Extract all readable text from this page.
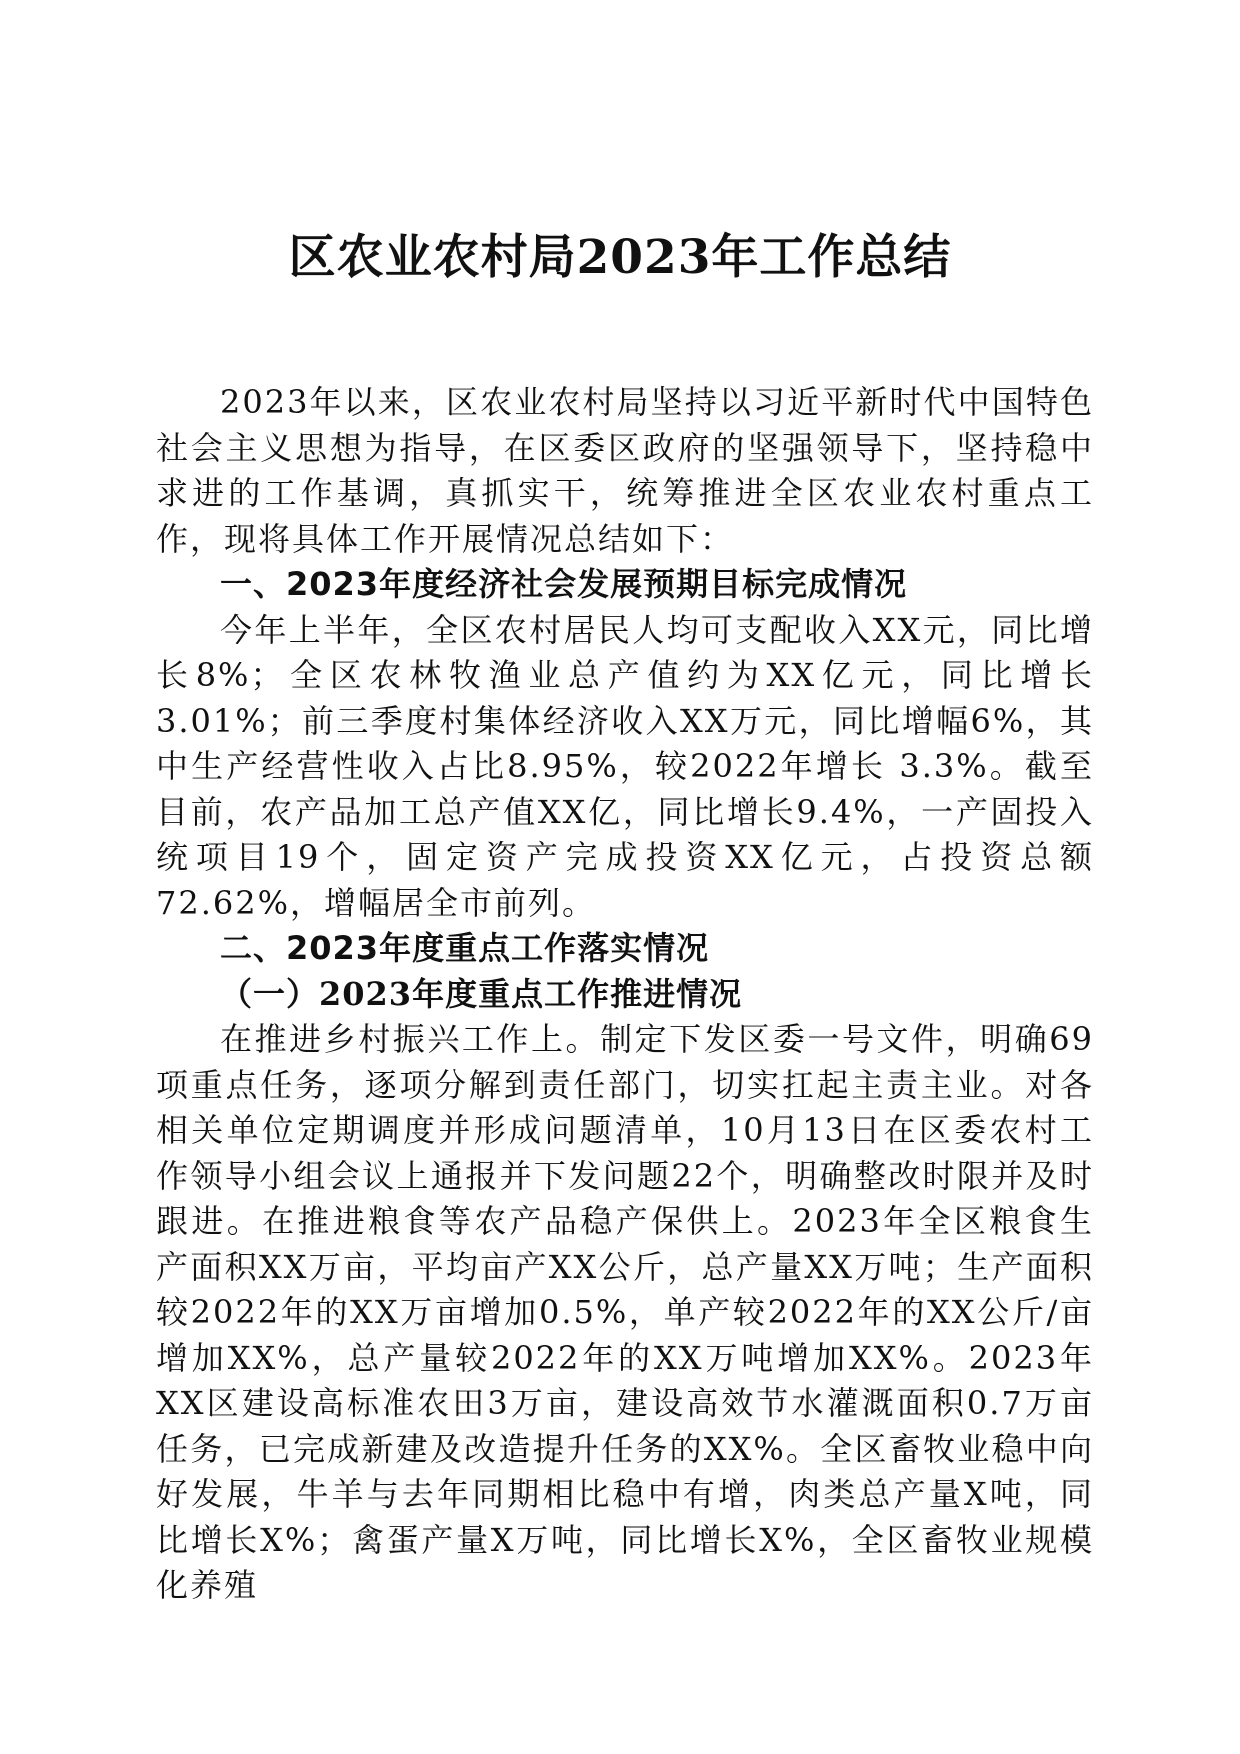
区农业农村局2023年工作总结

2023年以来，区农业农村局坚持以习近平新时代中国特色社会主义思想为指导，在区委区政府的坚强领导下，坚持稳中求进的工作基调，真抓实干，统筹推进全区农业农村重点工作，现将具体工作开展情况总结如下：

一、2023年度经济社会发展预期目标完成情况

今年上半年，全区农村居民人均可支配收入XX元，同比增长8%；全区农林牧渔业总产值约为XX亿元，同比增长3.01%；前三季度村集体经济收入XX万元，同比增幅6%，其中生产经营性收入占比8.95%，较2022年增长 3.3%。截至目前，农产品加工总产值XX亿，同比增长9.4%，一产固投入统项目19个，固定资产完成投资XX亿元，占投资总额72.62%，增幅居全市前列。

二、2023年度重点工作落实情况

（一）2023年度重点工作推进情况

在推进乡村振兴工作上。制定下发区委一号文件，明确69项重点任务，逐项分解到责任部门，切实扛起主责主业。对各相关单位定期调度并形成问题清单，10月13日在区委农村工作领导小组会议上通报并下发问题22个，明确整改时限并及时跟进。在推进粮食等农产品稳产保供上。2023年全区粮食生产面积XX万亩，平均亩产XX公斤，总产量XX万吨；生产面积较2022年的XX万亩增加0.5%，单产较2022年的XX公斤/亩增加XX%，总产量较2022年的XX万吨增加XX%。2023年XX区建设高标准农田3万亩，建设高效节水灌溉面积0.7万亩任务，已完成新建及改造提升任务的XX%。全区畜牧业稳中向好发展，牛羊与去年同期相比稳中有增，肉类总产量X吨，同比增长X%；禽蛋产量X万吨，同比增长X%，全区畜牧业规模化养殖
